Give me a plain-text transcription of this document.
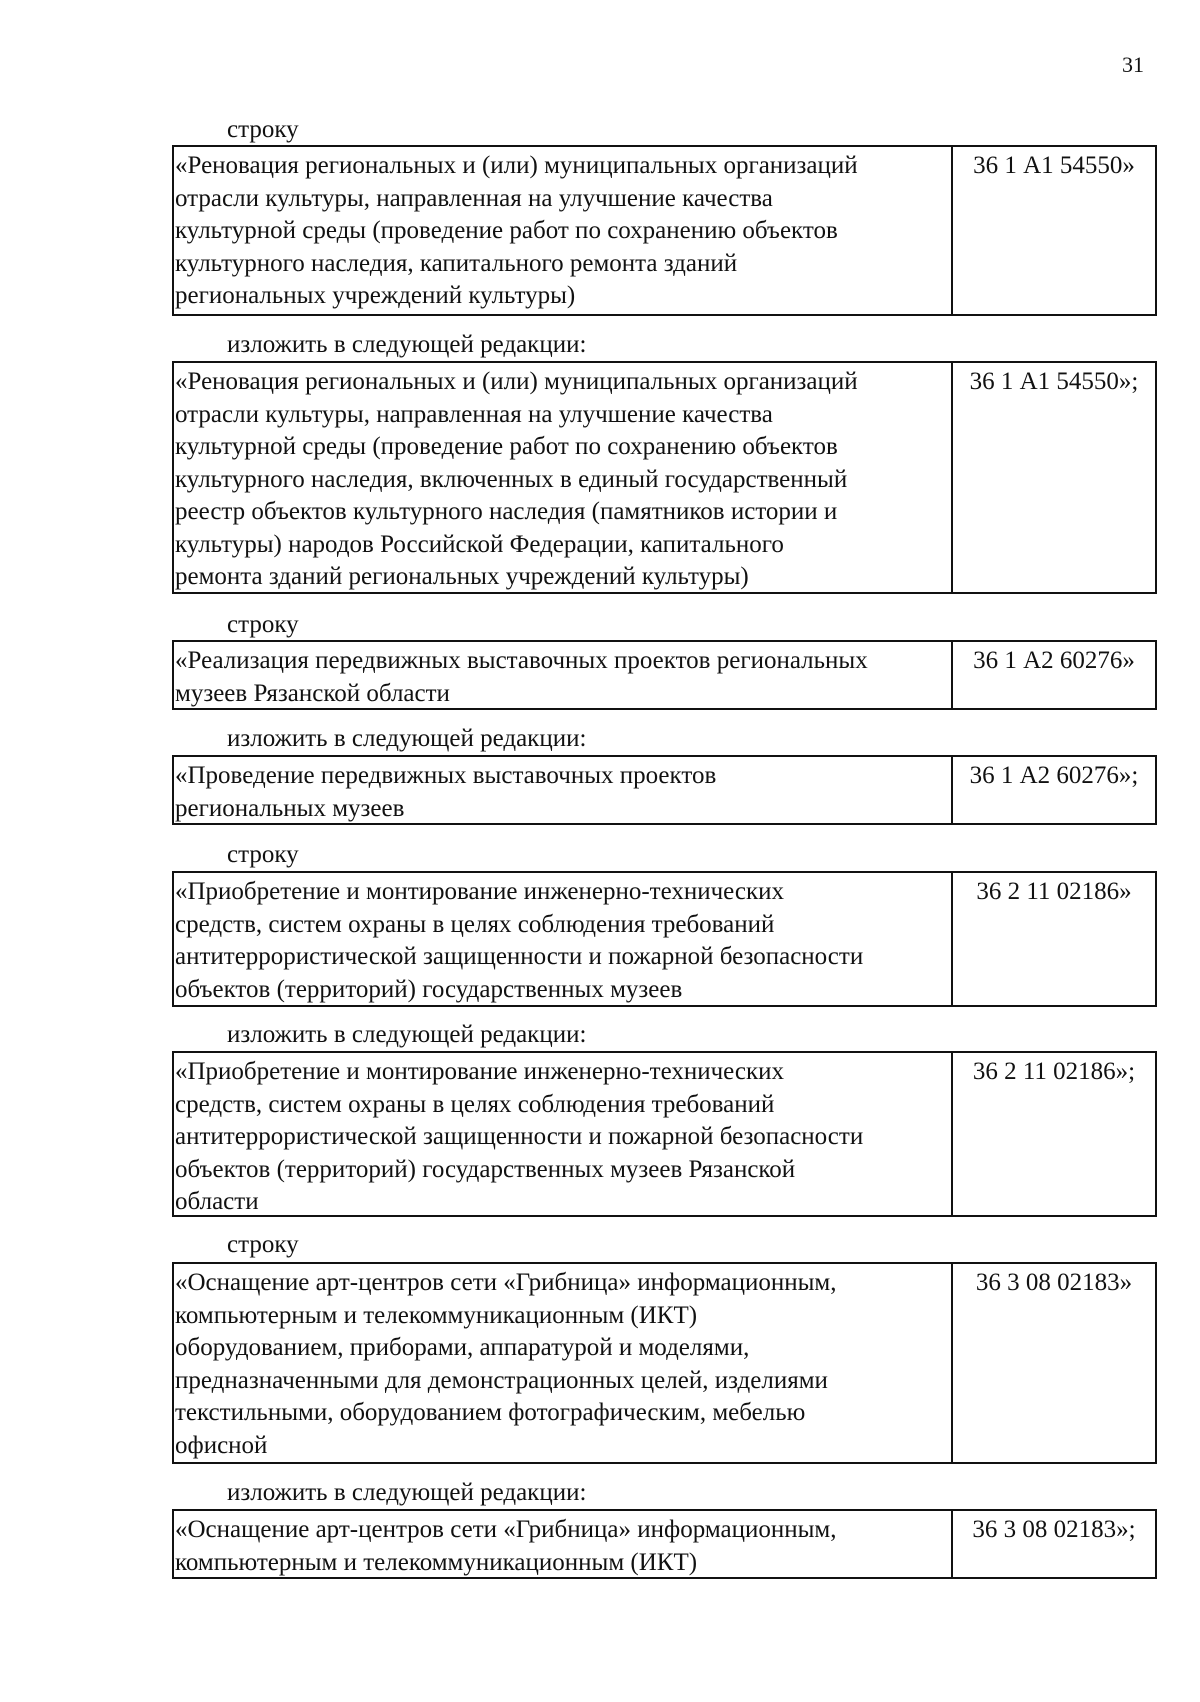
31
строку
«Реновация региональных и (или) муниципальных организаций
отрасли культуры, направленная на улучшение качества
культурной среды (проведение работ по сохранению объектов
культурного наследия, капитального ремонта зданий
региональных учреждений культуры)
36 1 А1 54550»
изложить в следующей редакции:
«Реновация региональных и (или) муниципальных организаций
отрасли культуры, направленная на улучшение качества
культурной среды (проведение работ по сохранению объектов
культурного наследия, включенных в единый государственный
реестр объектов культурного наследия (памятников истории и
культуры) народов Российской Федерации, капитального
ремонта зданий региональных учреждений культуры)
36 1 А1 54550»;
строку
«Реализация передвижных выставочных проектов региональных
музеев Рязанской области
36 1 А2 60276»
изложить в следующей редакции:
«Проведение передвижных выставочных проектов
региональных музеев
36 1 А2 60276»;
строку
«Приобретение и монтирование инженерно-технических
средств, систем охраны в целях соблюдения требований
антитеррористической защищенности и пожарной безопасности
объектов (территорий) государственных музеев
36 2 11 02186»
изложить в следующей редакции:
«Приобретение и монтирование инженерно-технических
средств, систем охраны в целях соблюдения требований
антитеррористической защищенности и пожарной безопасности
объектов (территорий) государственных музеев Рязанской
области
36 2 11 02186»;
строку
«Оснащение арт-центров сети «Грибница» информационным,
компьютерным и телекоммуникационным (ИКТ)
оборудованием, приборами, аппаратурой и моделями,
предназначенными для демонстрационных целей, изделиями
текстильными, оборудованием фотографическим, мебелью
офисной
36 3 08 02183»
изложить в следующей редакции:
«Оснащение арт-центров сети «Грибница» информационным,
компьютерным и телекоммуникационным (ИКТ)
36 3 08 02183»;
